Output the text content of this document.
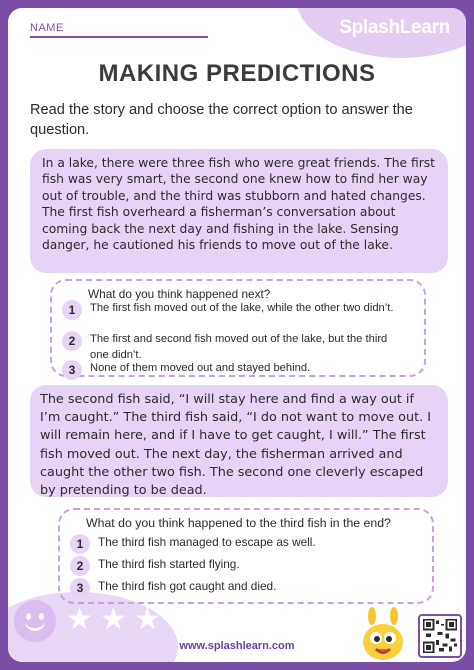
NAME	SplashLearn
MAKING PREDICTIONS
Read the story and choose the correct option to answer the question.
In a lake, there were three fish who were great friends. The first fish was very smart, the second one knew how to find her way out of trouble, and the third was stubborn and hated changes. The first fish overheard a fisherman’s conversation about coming back the next day and fishing in the lake. Sensing danger, he cautioned his friends to move out of the lake.
What do you think happened next?
1	The first fish moved out of the lake, while the other two didn’t.
2	The first and second fish moved out of the lake, but the third one didn’t.
3	None of them moved out and stayed behind.
The second fish said, “I will stay here and find a way out if I’m caught.” The third fish said, “I do not want to move out. I will remain here, and if I have to get caught, I will.” The first fish moved out. The next day, the fisherman arrived and caught the other two fish. The second one cleverly escaped by pretending to be dead.
What do you think happened to the third fish in the end?
1	The third fish managed to escape as well.
2	The third fish started flying.
3	The third fish got caught and died.
★ ★ ★
www.splashlearn.com
